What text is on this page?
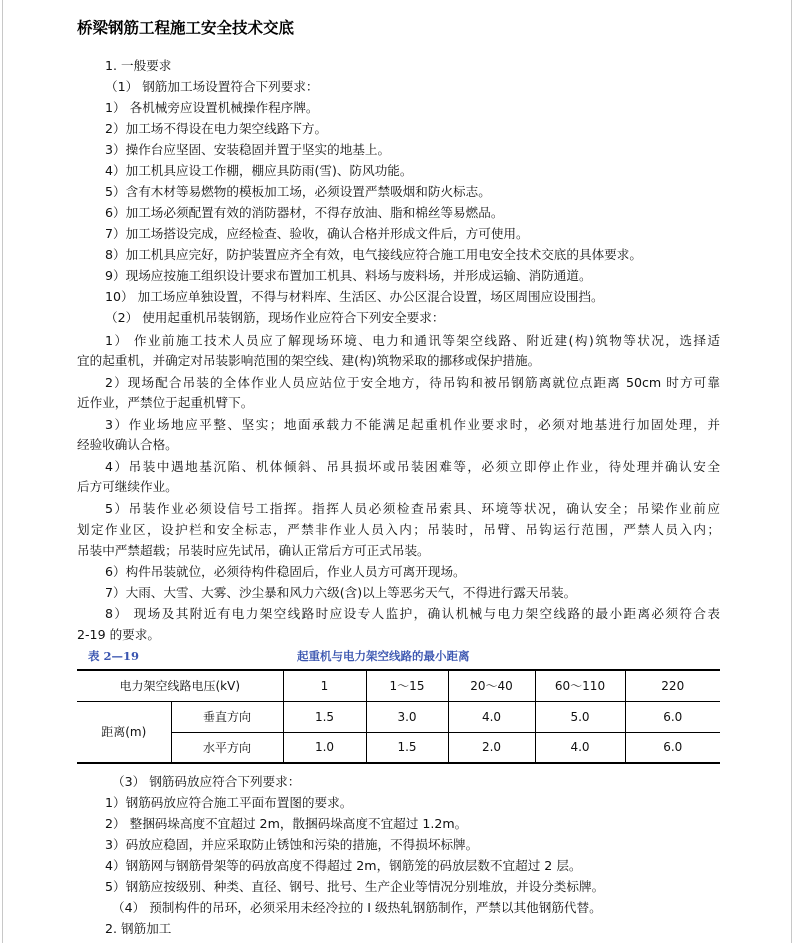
桥梁钢筋工程施工安全技术交底
1. 一般要求
（1） 钢筋加工场设置符合下列要求：
1） 各机械旁应设置机械操作程序牌。
2）加工场不得设在电力架空线路下方。
3）操作台应坚固、安装稳固并置于坚实的地基上。
4）加工机具应设工作棚，棚应具防雨(雪)、防风功能。
5）含有木材等易燃物的模板加工场，必须设置严禁吸烟和防火标志。
6）加工场必须配置有效的消防器材，不得存放油、脂和棉丝等易燃品。
7）加工场搭设完成，应经检查、验收，确认合格并形成文件后，方可使用。
8）加工机具应完好，防护装置应齐全有效，电气接线应符合施工用电安全技术交底的具体要求。
9）现场应按施工组织设计要求布置加工机具、料场与废料场，并形成运输、消防通道。
10） 加工场应单独设置，不得与材料库、生活区、办公区混合设置，场区周围应设围挡。
（2） 使用起重机吊装钢筋，现场作业应符合下列安全要求：
1） 作业前施工技术人员应了解现场环境、电力和通讯等架空线路、附近建(构)筑物等状况，选择适
宜的起重机，并确定对吊装影响范围的架空线、建(构)筑物采取的挪移或保护措施。
2）现场配合吊装的全体作业人员应站位于安全地方，待吊钩和被吊钢筋离就位点距离 50cm 时方可靠
近作业，严禁位于起重机臂下。
3）作业场地应平整、坚实；地面承载力不能满足起重机作业要求时，必须对地基进行加固处理，并
经验收确认合格。
4）吊装中遇地基沉陷、机体倾斜、吊具损坏或吊装困难等，必须立即停止作业，待处理并确认安全
后方可继续作业。
5）吊装作业必须设信号工指挥。指挥人员必须检查吊索具、环境等状况，确认安全；吊梁作业前应
划定作业区，设护栏和安全标志，严禁非作业人员入内；吊装时，吊臂、吊钩运行范围，严禁人员入内；
吊装中严禁超载；吊装时应先试吊，确认正常后方可正式吊装。
6）构件吊装就位，必须待构件稳固后，作业人员方可离开现场。
7）大雨、大雪、大雾、沙尘暴和风力六级(含)以上等恶劣天气，不得进行露天吊装。
8） 现场及其附近有电力架空线路时应设专人监护，确认机械与电力架空线路的最小距离必须符合表
2-19 的要求。
表 2—19	起重机与电力架空线路的最小距离
电力架空线路电压(kV)		1	1～15	20～40	60～110	220
距离(m)	垂直方向	1.5	3.0	4.0	5.0	6.0
	水平方向	1.0	1.5	2.0	4.0	6.0
（3） 钢筋码放应符合下列要求：
1）钢筋码放应符合施工平面布置图的要求。
2） 整捆码垛高度不宜超过 2m，散捆码垛高度不宜超过 1.2m。
3）码放应稳固，并应采取防止锈蚀和污染的措施，不得损坏标牌。
4）钢筋网与钢筋骨架等的码放高度不得超过 2m，钢筋笼的码放层数不宜超过 2 层。
5）钢筋应按级别、种类、直径、钢号、批号、生产企业等情况分别堆放，并设分类标牌。
（4） 预制构件的吊环，必须采用未经冷拉的 I 级热轧钢筋制作，严禁以其他钢筋代替。
2. 钢筋加工
